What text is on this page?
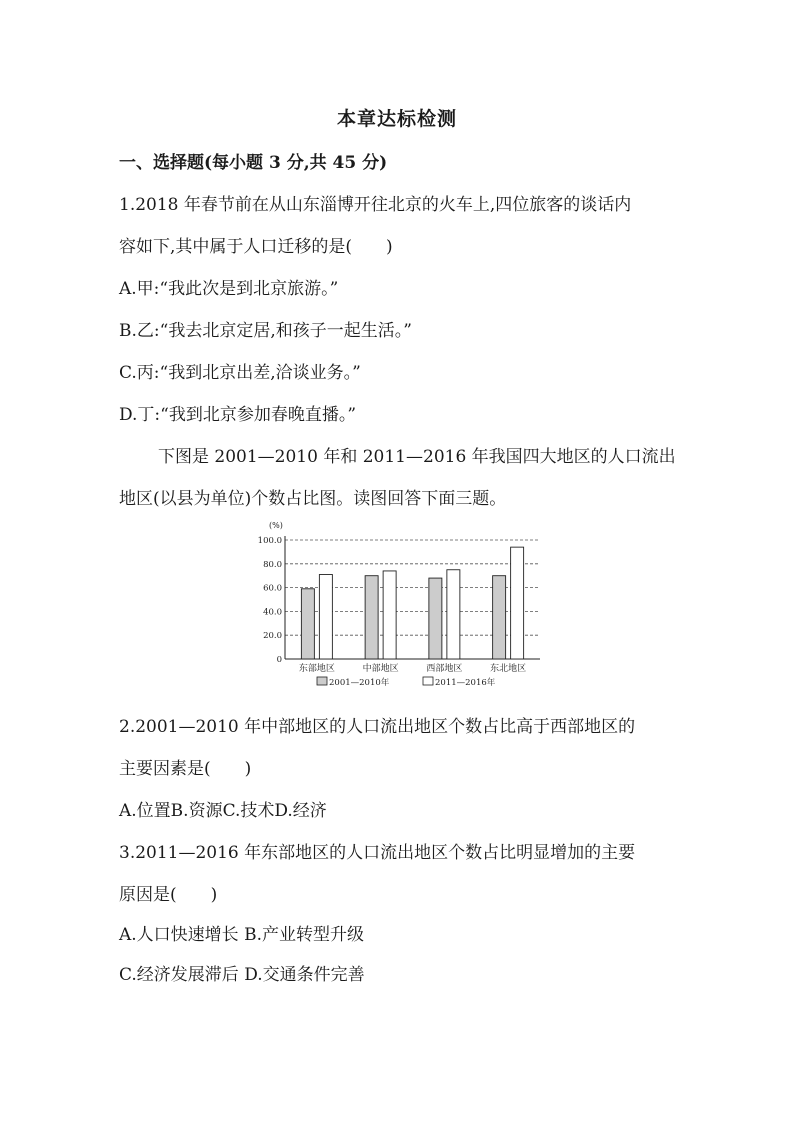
本章达标检测
一、选择题(每小题 3 分,共 45 分)
1.2018 年春节前在从山东淄博开往北京的火车上,四位旅客的谈话内
容如下,其中属于人口迁移的是(　　)
A.甲:“我此次是到北京旅游。”
B.乙:“我去北京定居,和孩子一起生活。”
C.丙:“我到北京出差,洽谈业务。”
D.丁:“我到北京参加春晚直播。”
下图是 2001—2010 年和 2011—2016 年我国四大地区的人口流出
地区(以县为单位)个数占比图。读图回答下面三题。
(%)
0
20.0
40.0
60.0
80.0
100.0
东部地区	中部地区	西部地区	东北地区
2001—2010年	2011—2016年
2.2001—2010 年中部地区的人口流出地区个数占比高于西部地区的
主要因素是(　　)
A.位置B.资源C.技术D.经济
3.2011—2016 年东部地区的人口流出地区个数占比明显增加的主要
原因是(　　)
A.人口快速增长 B.产业转型升级
C.经济发展滞后 D.交通条件完善
